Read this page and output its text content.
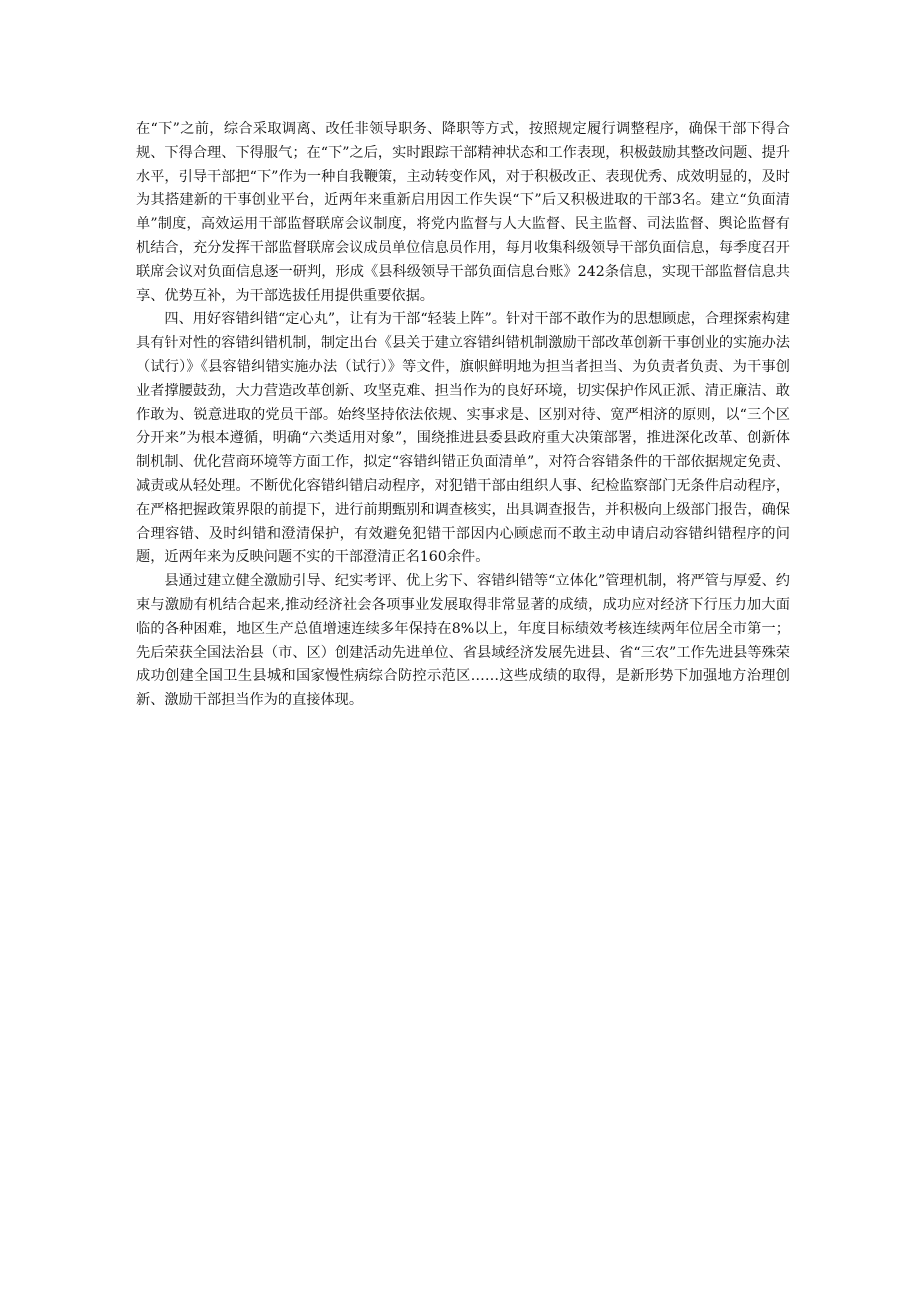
在“下”之前，综合采取调离、改任非领导职务、降职等方式，按照规定履行调整程序，确保干部下得合规、下得合理、下得服气；在“下”之后，实时跟踪干部精神状态和工作表现，积极鼓励其整改问题、提升水平，引导干部把“下”作为一种自我鞭策，主动转变作风，对于积极改正、表现优秀、成效明显的，及时为其搭建新的干事创业平台，近两年来重新启用因工作失误“下”后又积极进取的干部3名。建立“负面清单”制度，高效运用干部监督联席会议制度，将党内监督与人大监督、民主监督、司法监督、舆论监督有机结合，充分发挥干部监督联席会议成员单位信息员作用，每月收集科级领导干部负面信息，每季度召开联席会议对负面信息逐一研判，形成《县科级领导干部负面信息台账》242条信息，实现干部监督信息共享、优势互补，为干部选拔任用提供重要依据。

四、用好容错纠错“定心丸”，让有为干部“轻装上阵”。针对干部不敢作为的思想顾虑，合理探索构建具有针对性的容错纠错机制，制定出台《县关于建立容错纠错机制激励干部改革创新干事创业的实施办法（试行）》《县容错纠错实施办法（试行）》等文件，旗帜鲜明地为担当者担当、为负责者负责、为干事创业者撑腰鼓劲，大力营造改革创新、攻坚克难、担当作为的良好环境，切实保护作风正派、清正廉洁、敢作敢为、锐意进取的党员干部。始终坚持依法依规、实事求是、区别对待、宽严相济的原则，以“三个区分开来”为根本遵循，明确“六类适用对象”，围绕推进县委县政府重大决策部署，推进深化改革、创新体制机制、优化营商环境等方面工作，拟定“容错纠错正负面清单”，对符合容错条件的干部依据规定免责、减责或从轻处理。不断优化容错纠错启动程序，对犯错干部由组织人事、纪检监察部门无条件启动程序，在严格把握政策界限的前提下，进行前期甄别和调查核实，出具调查报告，并积极向上级部门报告，确保合理容错、及时纠错和澄清保护，有效避免犯错干部因内心顾虑而不敢主动申请启动容错纠错程序的问题，近两年来为反映问题不实的干部澄清正名160余件。

县通过建立健全激励引导、纪实考评、优上劣下、容错纠错等“立体化”管理机制，将严管与厚爱、约束与激励有机结合起来,推动经济社会各项事业发展取得非常显著的成绩，成功应对经济下行压力加大面临的各种困难，地区生产总值增速连续多年保持在8%以上，年度目标绩效考核连续两年位居全市第一；先后荣获全国法治县（市、区）创建活动先进单位、省县域经济发展先进县、省“三农”工作先进县等殊荣 成功创建全国卫生县城和国家慢性病综合防控示范区……这些成绩的取得，是新形势下加强地方治理创新、激励干部担当作为的直接体现。
